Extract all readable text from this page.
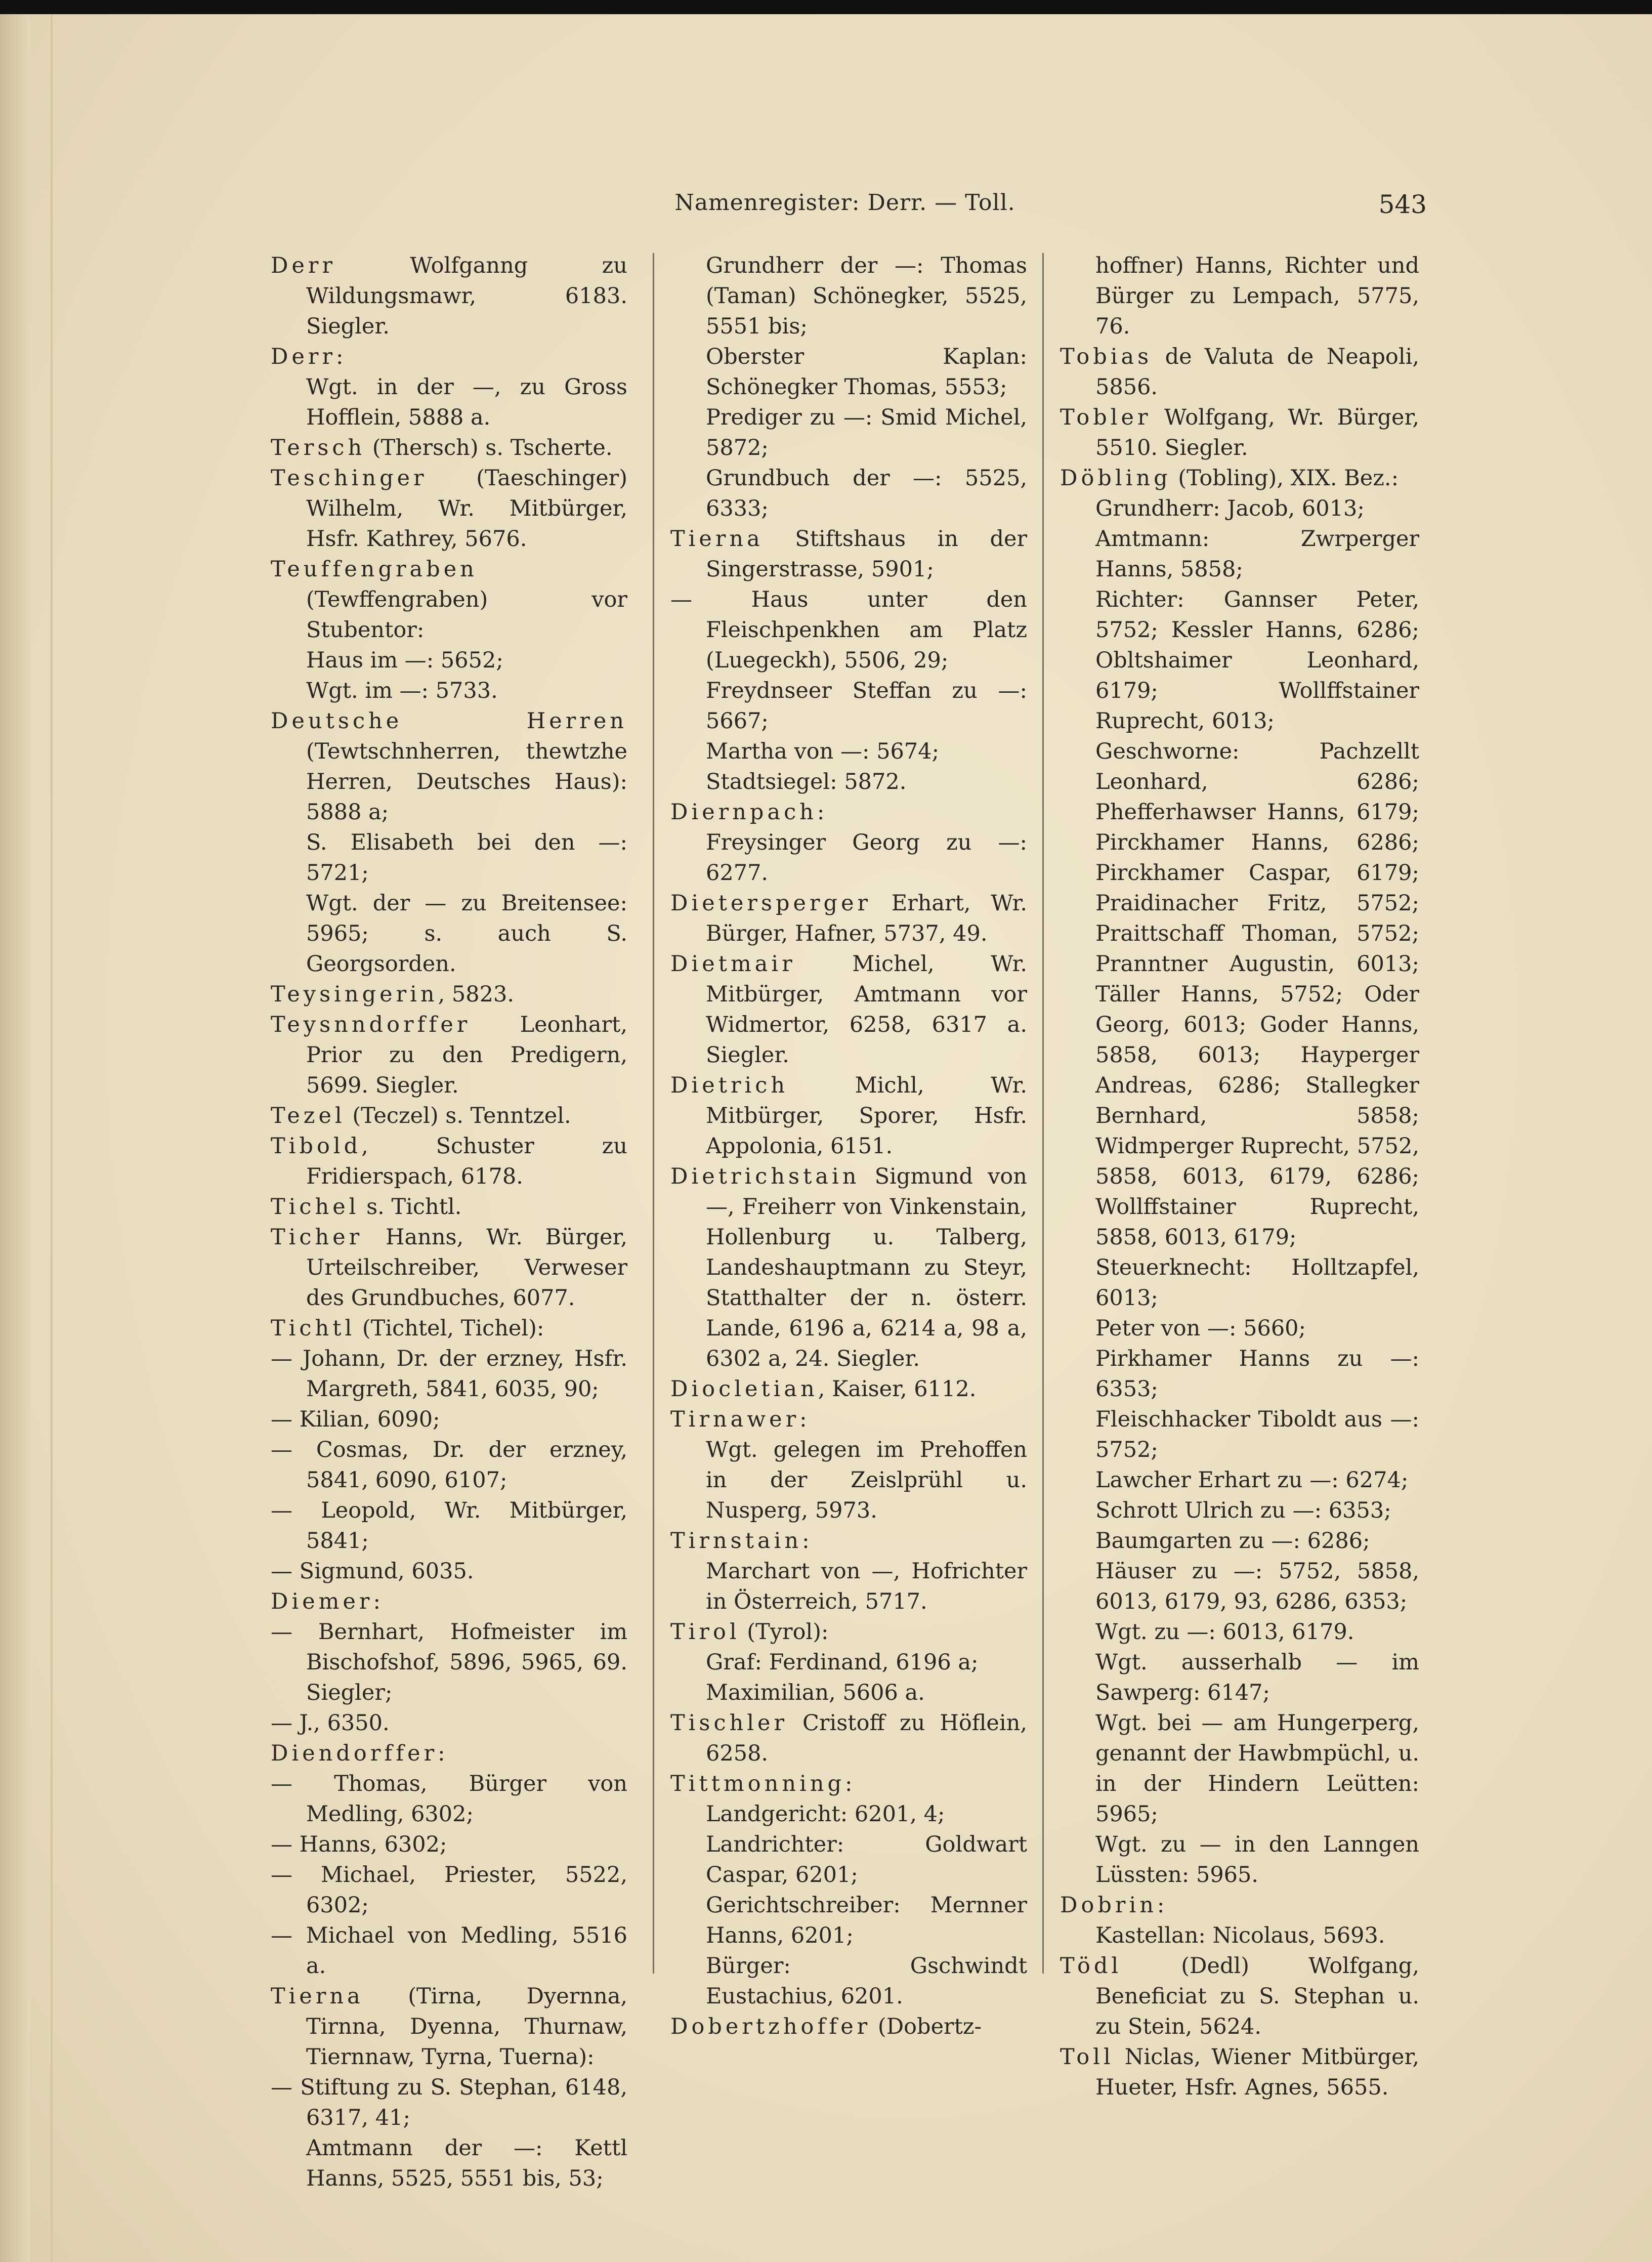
Namenregister: Derr. — Toll.	543

Derr Wolfganng zu Wildungsmawr, 6183. Siegler.

Derr:

Wgt. in der —, zu Gross Hofflein, 5888 a.

Tersch (Thersch) s. Tscherte.

Teschinger (Taeschinger) Wilhelm, Wr. Mitbürger, Hsfr. Kathrey, 5676.

Teuffengraben (Tewffengraben) vor Stubentor:

Haus im —: 5652;

Wgt. im —: 5733.

Deutsche Herren (Tewtschnherren, thewtzhe Herren, Deutsches Haus): 5888 a;

S. Elisabeth bei den —: 5721;

Wgt. der — zu Breitensee: 5965; s. auch S. Georgsorden.

Teysingerin, 5823.

Teysnndorffer Leonhart, Prior zu den Predigern, 5699. Siegler.

Tezel (Teczel) s. Tenntzel.

Tibold, Schuster zu Fridierspach, 6178.

Tichel s. Tichtl.

Ticher Hanns, Wr. Bürger, Urteilschreiber, Verweser des Grundbuches, 6077.

Tichtl (Tichtel, Tichel):

— Johann, Dr. der erzney, Hsfr. Margreth, 5841, 6035, 90;

— Kilian, 6090;

— Cosmas, Dr. der erzney, 5841, 6090, 6107;

— Leopold, Wr. Mitbürger, 5841;

— Sigmund, 6035.

Diemer:

— Bernhart, Hofmeister im Bischofshof, 5896, 5965, 69. Siegler;

— J., 6350.

Diendorffer:

— Thomas, Bürger von Medling, 6302;

— Hanns, 6302;

— Michael, Priester, 5522, 6302;

— Michael von Medling, 5516 a.

Tierna (Tirna, Dyernna, Tirnna, Dyenna, Thurnaw, Tiernnaw, Tyrna, Tuerna):

— Stiftung zu S. Stephan, 6148, 6317, 41;

Amtmann der —: Kettl Hanns, 5525, 5551 bis, 53;

Grundherr der —: Thomas (Taman) Schönegker, 5525, 5551 bis;

Oberster Kaplan: Schönegker Thomas, 5553;

Prediger zu —: Smid Michel, 5872;

Grundbuch der —: 5525, 6333;

Tierna Stiftshaus in der Singerstrasse, 5901;

— Haus unter den Fleischpenkhen am Platz (Luegeckh), 5506, 29;

Freydnseer Steffan zu —: 5667;

Martha von —: 5674;

Stadtsiegel: 5872.

Diernpach:

Freysinger Georg zu —: 6277.

Dietersperger Erhart, Wr. Bürger, Hafner, 5737, 49.

Dietmair Michel, Wr. Mitbürger, Amtmann vor Widmertor, 6258, 6317 a. Siegler.

Dietrich Michl, Wr. Mitbürger, Sporer, Hsfr. Appolonia, 6151.

Dietrichstain Sigmund von —, Freiherr von Vinkenstain, Hollenburg u. Talberg, Landeshauptmann zu Steyr, Statthalter der n. österr. Lande, 6196 a, 6214 a, 98 a, 6302 a, 24. Siegler.

Diocletian, Kaiser, 6112.

Tirnawer:

Wgt. gelegen im Prehoffen in der Zeislprühl u. Nusperg, 5973.

Tirnstain:

Marchart von —, Hofrichter in Österreich, 5717.

Tirol (Tyrol):

Graf: Ferdinand, 6196 a;

Maximilian, 5606 a.

Tischler Cristoff zu Höflein, 6258.

Tittmonning:

Landgericht: 6201, 4;

Landrichter: Goldwart Caspar, 6201;

Gerichtschreiber: Mernner Hanns, 6201;

Bürger: Gschwindt Eustachius, 6201.

Dobertzhoffer (Dobertz-

hoffner) Hanns, Richter und Bürger zu Lempach, 5775, 76.

Tobias de Valuta de Neapoli, 5856.

Tobler Wolfgang, Wr. Bürger, 5510. Siegler.

Döbling (Tobling), XIX. Bez.:

Grundherr: Jacob, 6013;

Amtmann: Zwrperger Hanns, 5858;

Richter: Gannser Peter, 5752; Kessler Hanns, 6286; Obltshaimer Leonhard, 6179; Wollffstainer Ruprecht, 6013;

Geschworne: Pachzellt Leonhard, 6286; Phefferhawser Hanns, 6179; Pirckhamer Hanns, 6286; Pirckhamer Caspar, 6179; Praidinacher Fritz, 5752; Praittschaff Thoman, 5752; Pranntner Augustin, 6013; Täller Hanns, 5752; Oder Georg, 6013; Goder Hanns, 5858, 6013; Hayperger Andreas, 6286; Stallegker Bernhard, 5858; Widmperger Ruprecht, 5752, 5858, 6013, 6179, 6286; Wollffstainer Ruprecht, 5858, 6013, 6179;

Steuerknecht: Holltzapfel, 6013;

Peter von —: 5660;

Pirkhamer Hanns zu —: 6353;

Fleischhacker Tiboldt aus —: 5752;

Lawcher Erhart zu —: 6274;

Schrott Ulrich zu —: 6353;

Baumgarten zu —: 6286;

Häuser zu —: 5752, 5858, 6013, 6179, 93, 6286, 6353;

Wgt. zu —: 6013, 6179.

Wgt. ausserhalb — im Sawperg: 6147;

Wgt. bei — am Hungerperg, genannt der Hawbmpüchl, u. in der Hindern Leütten: 5965;

Wgt. zu — in den Lanngen Lüssten: 5965.

Dobrin:

Kastellan: Nicolaus, 5693.

Tödl (Dedl) Wolfgang, Beneficiat zu S. Stephan u. zu Stein, 5624.

Toll Niclas, Wiener Mitbürger, Hueter, Hsfr. Agnes, 5655.
